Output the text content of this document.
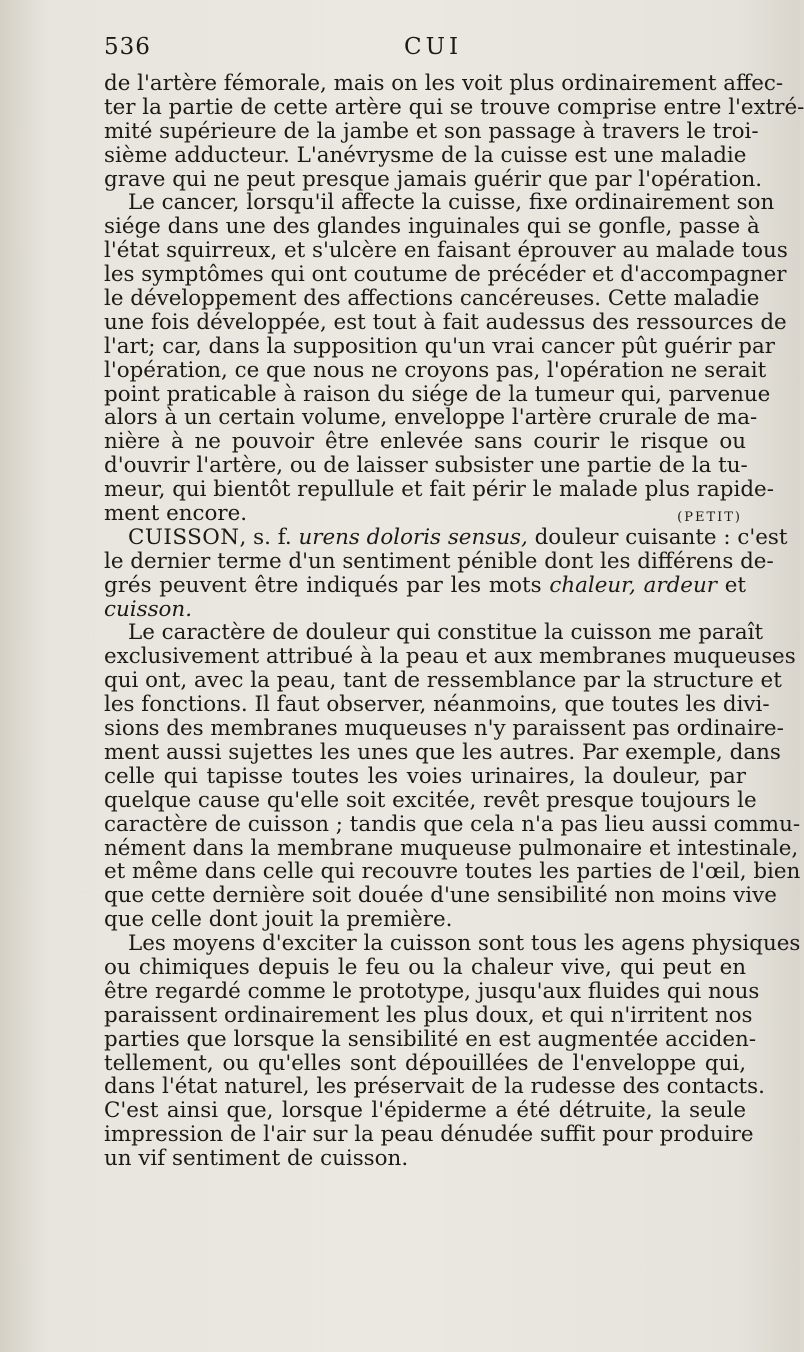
536	CUI
de l'artère fémorale, mais on les voit plus ordinairement affec-
ter la partie de cette artère qui se trouve comprise entre l'extré-
mité supérieure de la jambe et son passage à travers le troi-
sième adducteur. L'anévrysme de la cuisse est une maladie
grave qui ne peut presque jamais guérir que par l'opération.
Le cancer, lorsqu'il affecte la cuisse, fixe ordinairement son
siége dans une des glandes inguinales qui se gonfle, passe à
l'état squirreux, et s'ulcère en faisant éprouver au malade tous
les symptômes qui ont coutume de précéder et d'accompagner
le développement des affections cancéreuses. Cette maladie
une fois développée, est tout à fait audessus des ressources de
l'art; car, dans la supposition qu'un vrai cancer pût guérir par
l'opération, ce que nous ne croyons pas, l'opération ne serait
point praticable à raison du siége de la tumeur qui, parvenue
alors à un certain volume, enveloppe l'artère crurale de ma-
nière à ne pouvoir être enlevée sans courir le risque ou
d'ouvrir l'artère, ou de laisser subsister une partie de la tu-
meur, qui bientôt repullule et fait périr le malade plus rapide-
ment encore.	(PETIT)
CUISSON, s. f. urens doloris sensus, douleur cuisante : c'est
le dernier terme d'un sentiment pénible dont les différens de-
grés peuvent être indiqués par les mots chaleur, ardeur et
cuisson.
Le caractère de douleur qui constitue la cuisson me paraît
exclusivement attribué à la peau et aux membranes muqueuses
qui ont, avec la peau, tant de ressemblance par la structure et
les fonctions. Il faut observer, néanmoins, que toutes les divi-
sions des membranes muqueuses n'y paraissent pas ordinaire-
ment aussi sujettes les unes que les autres. Par exemple, dans
celle qui tapisse toutes les voies urinaires, la douleur, par
quelque cause qu'elle soit excitée, revêt presque toujours le
caractère de cuisson ; tandis que cela n'a pas lieu aussi commu-
nément dans la membrane muqueuse pulmonaire et intestinale,
et même dans celle qui recouvre toutes les parties de l'œil, bien
que cette dernière soit douée d'une sensibilité non moins vive
que celle dont jouit la première.
Les moyens d'exciter la cuisson sont tous les agens physiques
ou chimiques depuis le feu ou la chaleur vive, qui peut en
être regardé comme le prototype, jusqu'aux fluides qui nous
paraissent ordinairement les plus doux, et qui n'irritent nos
parties que lorsque la sensibilité en est augmentée acciden-
tellement, ou qu'elles sont dépouillées de l'enveloppe qui,
dans l'état naturel, les préservait de la rudesse des contacts.
C'est ainsi que, lorsque l'épiderme a été détruite, la seule
impression de l'air sur la peau dénudée suffit pour produire
un vif sentiment de cuisson.
